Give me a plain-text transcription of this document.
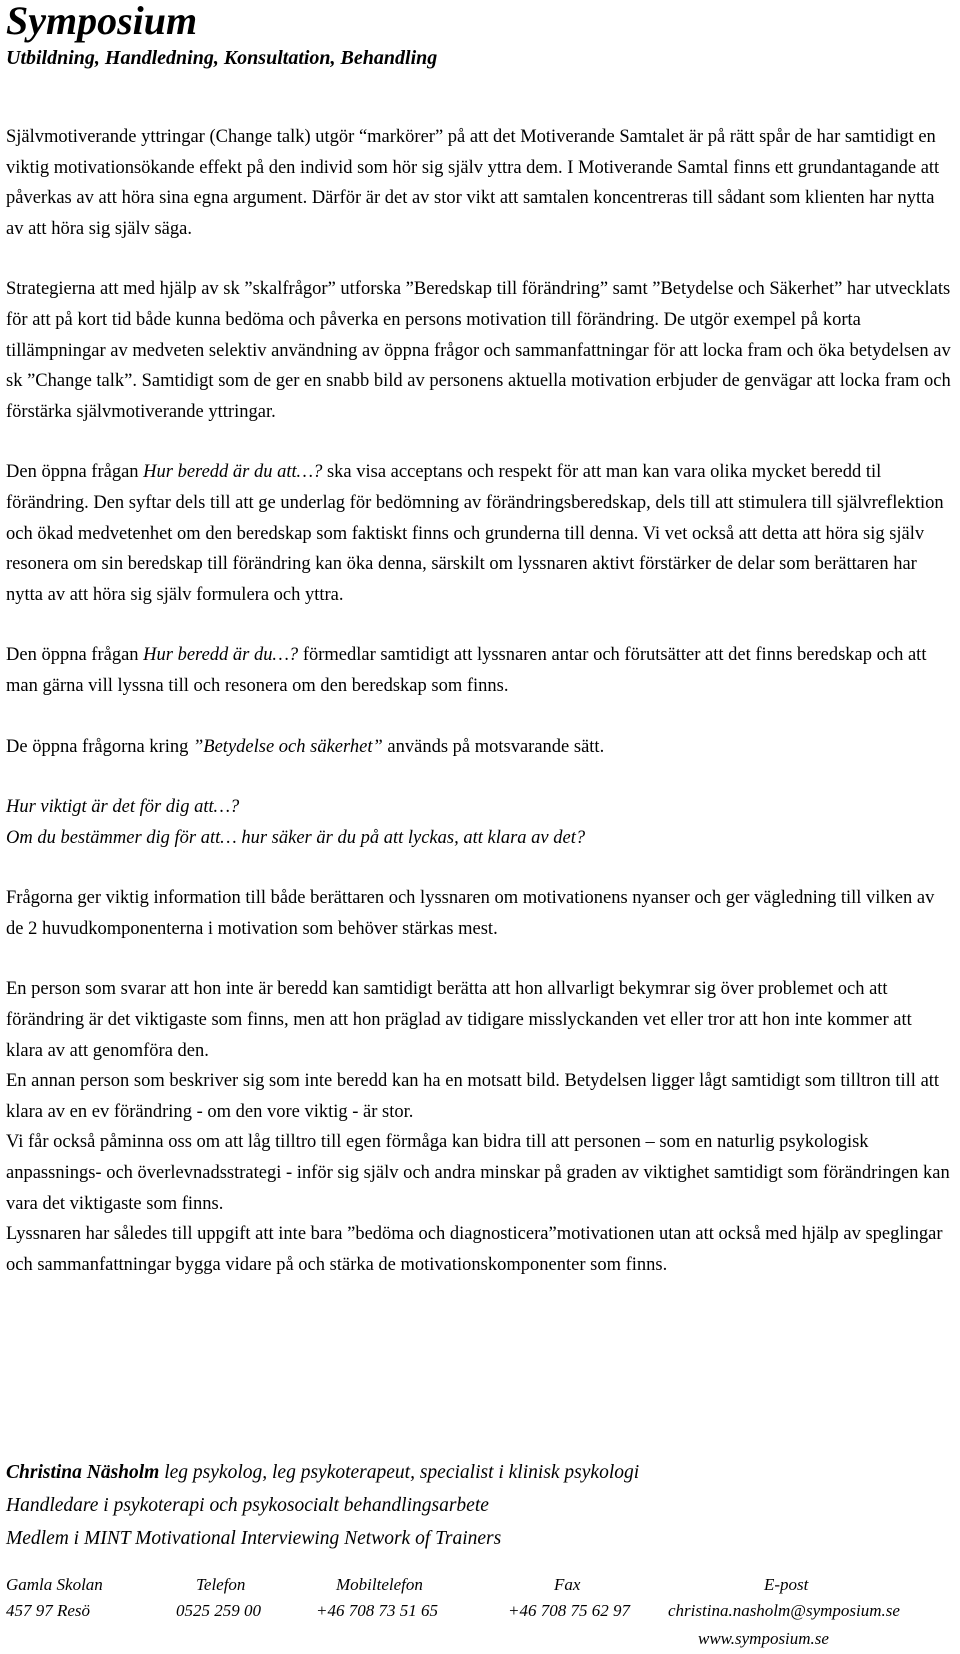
Symposium
Utbildning, Handledning, Konsultation, Behandling

Självmotiverande yttringar (Change talk) utgör “markörer” på att det Motiverande Samtalet är på rätt spår de har samtidigt en viktig motivationsökande effekt på den individ som hör sig själv yttra dem. I Motiverande Samtal finns ett grundantagande att påverkas av att höra sina egna argument. Därför är det av stor vikt att samtalen koncentreras till sådant som klienten har nytta av att höra sig själv säga.

Strategierna att med hjälp av sk ”skalfrågor” utforska ”Beredskap till förändring” samt ”Betydelse och Säkerhet” har utvecklats för att på kort tid både kunna bedöma och påverka en persons motivation till förändring. De utgör exempel på korta tillämpningar av medveten selektiv användning av öppna frågor och sammanfattningar för att locka fram och öka betydelsen av sk ”Change talk”. Samtidigt som de ger en snabb bild av personens aktuella motivation erbjuder de genvägar att locka fram och förstärka självmotiverande yttringar.

Den öppna frågan Hur beredd är du att…? ska visa acceptans och respekt för att man kan vara olika mycket beredd til förändring. Den syftar dels till att ge underlag för bedömning av förändringsberedskap, dels till att stimulera till självreflektion och ökad medvetenhet om den beredskap som faktiskt finns och grunderna till denna. Vi vet också att detta att höra sig själv resonera om sin beredskap till förändring kan öka denna, särskilt om lyssnaren aktivt förstärker de delar som berättaren har nytta av att höra sig själv formulera och yttra.

Den öppna frågan Hur beredd är du…? förmedlar samtidigt att lyssnaren antar och förutsätter att det finns beredskap och att man gärna vill lyssna till och resonera om den beredskap som finns.

De öppna frågorna kring ”Betydelse och säkerhet” används på motsvarande sätt.

Hur viktigt är det för dig att…?
Om du bestämmer dig för att… hur säker är du på att lyckas, att klara av det?

Frågorna ger viktig information till både berättaren och lyssnaren om motivationens nyanser och ger vägledning till vilken av de 2 huvudkomponenterna i motivation som behöver stärkas mest.

En person som svarar att hon inte är beredd kan samtidigt berätta att hon allvarligt bekymrar sig över problemet och att förändring är det viktigaste som finns, men att hon präglad av tidigare misslyckanden vet eller tror att hon inte kommer att klara av att genomföra den.

En annan person som beskriver sig som inte beredd kan ha en motsatt bild. Betydelsen ligger lågt samtidigt som tilltron till att klara av en ev förändring - om den vore viktig - är stor.

Vi får också påminna oss om att låg tilltro till egen förmåga kan bidra till att personen – som en naturlig psykologisk anpassnings- och överlevnadsstrategi - inför sig själv och andra minskar på graden av viktighet samtidigt som förändringen kan vara det viktigaste som finns.

Lyssnaren har således till uppgift att inte bara ”bedöma och diagnosticera”motivationen utan att också med hjälp av speglingar och sammanfattningar bygga vidare på och stärka de motivationskomponenter som finns.

Christina Näsholm leg psykolog, leg psykoterapeut, specialist i klinisk psykologi
Handledare i psykoterapi och psykosocialt behandlingsarbete
Medlem i MINT Motivational Interviewing Network of Trainers
Gamla Skolan
457 97 Resö
Telefon
0525 259 00
Mobiltelefon
+46 708 73 51 65
Fax
+46 708 75 62 97
E-post
christina.nasholm@symposium.se
www.symposium.se
